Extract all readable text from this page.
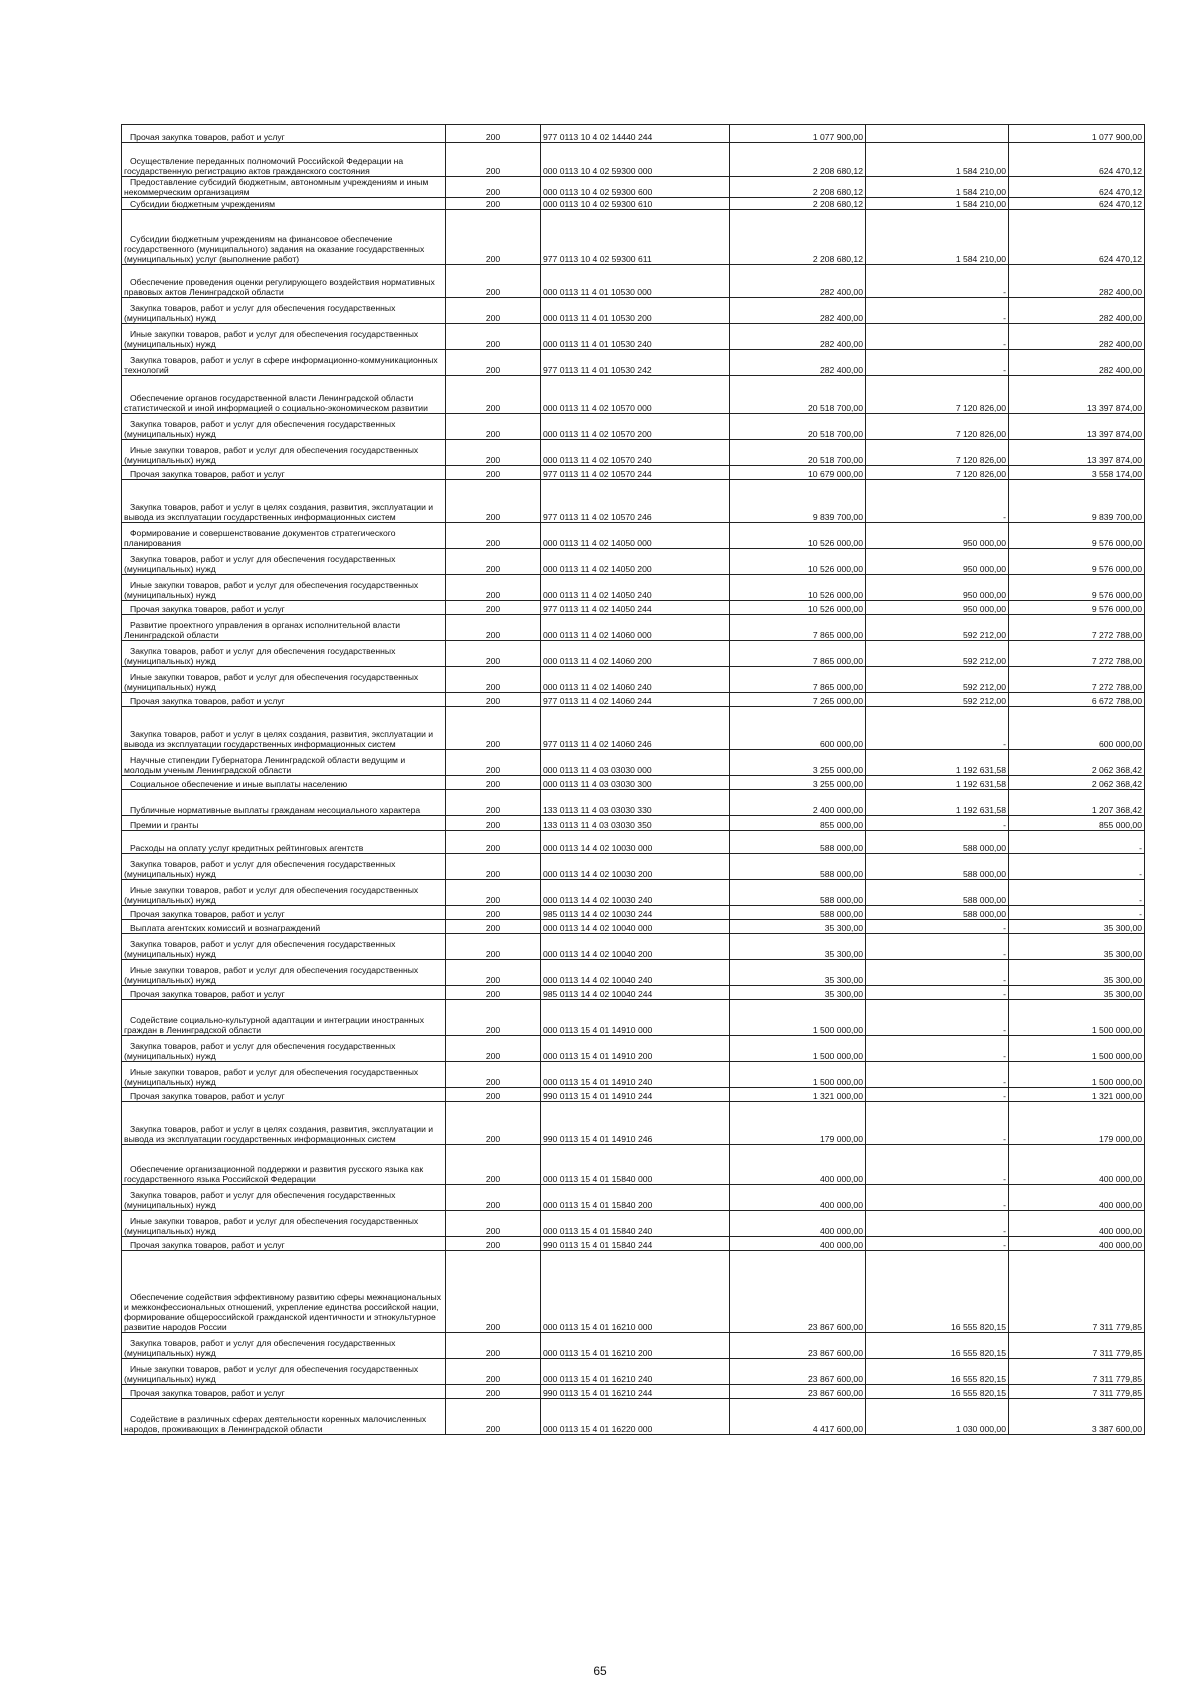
Прочая закупка товаров, работ и услуг	200	977 0113 10 4 02 14440 244	1 077 900,00		1 077 900,00
Осуществление переданных полномочий Российской Федерации на государственную регистрацию актов гражданского состояния	200	000 0113 10 4 02 59300 000	2 208 680,12	1 584 210,00	624 470,12
Предоставление субсидий бюджетным, автономным учреждениям и иным некоммерческим организациям	200	000 0113 10 4 02 59300 600	2 208 680,12	1 584 210,00	624 470,12
Субсидии бюджетным учреждениям	200	000 0113 10 4 02 59300 610	2 208 680,12	1 584 210,00	624 470,12
Субсидии бюджетным учреждениям на финансовое обеспечение государственного (муниципального) задания на оказание государственных (муниципальных) услуг (выполнение работ)	200	977 0113 10 4 02 59300 611	2 208 680,12	1 584 210,00	624 470,12
Обеспечение проведения оценки регулирующего воздействия нормативных правовых актов Ленинградской области	200	000 0113 11 4 01 10530 000	282 400,00	-	282 400,00
Закупка товаров, работ и услуг для обеспечения государственных (муниципальных) нужд	200	000 0113 11 4 01 10530 200	282 400,00	-	282 400,00
Иные закупки товаров, работ и услуг для обеспечения государственных (муниципальных) нужд	200	000 0113 11 4 01 10530 240	282 400,00	-	282 400,00
Закупка товаров, работ и услуг в сфере информационно-коммуникационных технологий	200	977 0113 11 4 01 10530 242	282 400,00	-	282 400,00
Обеспечение органов государственной власти Ленинградской области статистической и иной информацией о социально-экономическом развитии	200	000 0113 11 4 02 10570 000	20 518 700,00	7 120 826,00	13 397 874,00
Закупка товаров, работ и услуг для обеспечения государственных (муниципальных) нужд	200	000 0113 11 4 02 10570 200	20 518 700,00	7 120 826,00	13 397 874,00
Иные закупки товаров, работ и услуг для обеспечения государственных (муниципальных) нужд	200	000 0113 11 4 02 10570 240	20 518 700,00	7 120 826,00	13 397 874,00
Прочая закупка товаров, работ и услуг	200	977 0113 11 4 02 10570 244	10 679 000,00	7 120 826,00	3 558 174,00
Закупка товаров, работ и услуг в целях создания, развития, эксплуатации и вывода из эксплуатации государственных информационных систем	200	977 0113 11 4 02 10570 246	9 839 700,00	-	9 839 700,00
Формирование и совершенствование документов стратегического планирования	200	000 0113 11 4 02 14050 000	10 526 000,00	950 000,00	9 576 000,00
Закупка товаров, работ и услуг для обеспечения государственных (муниципальных) нужд	200	000 0113 11 4 02 14050 200	10 526 000,00	950 000,00	9 576 000,00
Иные закупки товаров, работ и услуг для обеспечения государственных (муниципальных) нужд	200	000 0113 11 4 02 14050 240	10 526 000,00	950 000,00	9 576 000,00
Прочая закупка товаров, работ и услуг	200	977 0113 11 4 02 14050 244	10 526 000,00	950 000,00	9 576 000,00
Развитие проектного управления в органах исполнительной власти Ленинградской области	200	000 0113 11 4 02 14060 000	7 865 000,00	592 212,00	7 272 788,00
Закупка товаров, работ и услуг для обеспечения государственных (муниципальных) нужд	200	000 0113 11 4 02 14060 200	7 865 000,00	592 212,00	7 272 788,00
Иные закупки товаров, работ и услуг для обеспечения государственных (муниципальных) нужд	200	000 0113 11 4 02 14060 240	7 865 000,00	592 212,00	7 272 788,00
Прочая закупка товаров, работ и услуг	200	977 0113 11 4 02 14060 244	7 265 000,00	592 212,00	6 672 788,00
Закупка товаров, работ и услуг в целях создания, развития, эксплуатации и вывода из эксплуатации государственных информационных систем	200	977 0113 11 4 02 14060 246	600 000,00	-	600 000,00
Научные стипендии Губернатора Ленинградской области ведущим и молодым ученым Ленинградской области	200	000 0113 11 4 03 03030 000	3 255 000,00	1 192 631,58	2 062 368,42
Социальное обеспечение и иные выплаты населению	200	000 0113 11 4 03 03030 300	3 255 000,00	1 192 631,58	2 062 368,42
Публичные нормативные выплаты гражданам несоциального характера	200	133 0113 11 4 03 03030 330	2 400 000,00	1 192 631,58	1 207 368,42
Премии и гранты	200	133 0113 11 4 03 03030 350	855 000,00	-	855 000,00
Расходы на оплату услуг кредитных рейтинговых агентств	200	000 0113 14 4 02 10030 000	588 000,00	588 000,00	-
Закупка товаров, работ и услуг для обеспечения государственных (муниципальных) нужд	200	000 0113 14 4 02 10030 200	588 000,00	588 000,00	-
Иные закупки товаров, работ и услуг для обеспечения государственных (муниципальных) нужд	200	000 0113 14 4 02 10030 240	588 000,00	588 000,00	-
Прочая закупка товаров, работ и услуг	200	985 0113 14 4 02 10030 244	588 000,00	588 000,00	-
Выплата агентских комиссий и вознаграждений	200	000 0113 14 4 02 10040 000	35 300,00	-	35 300,00
Закупка товаров, работ и услуг для обеспечения государственных (муниципальных) нужд	200	000 0113 14 4 02 10040 200	35 300,00	-	35 300,00
Иные закупки товаров, работ и услуг для обеспечения государственных (муниципальных) нужд	200	000 0113 14 4 02 10040 240	35 300,00	-	35 300,00
Прочая закупка товаров, работ и услуг	200	985 0113 14 4 02 10040 244	35 300,00	-	35 300,00
Содействие социально-культурной адаптации и интеграции иностранных граждан в Ленинградской области	200	000 0113 15 4 01 14910 000	1 500 000,00	-	1 500 000,00
Закупка товаров, работ и услуг для обеспечения государственных (муниципальных) нужд	200	000 0113 15 4 01 14910 200	1 500 000,00	-	1 500 000,00
Иные закупки товаров, работ и услуг для обеспечения государственных (муниципальных) нужд	200	000 0113 15 4 01 14910 240	1 500 000,00	-	1 500 000,00
Прочая закупка товаров, работ и услуг	200	990 0113 15 4 01 14910 244	1 321 000,00	-	1 321 000,00
Закупка товаров, работ и услуг в целях создания, развития, эксплуатации и вывода из эксплуатации государственных информационных систем	200	990 0113 15 4 01 14910 246	179 000,00	-	179 000,00
Обеспечение организационной поддержки и развития русского языка как государственного языка Российской Федерации	200	000 0113 15 4 01 15840 000	400 000,00	-	400 000,00
Закупка товаров, работ и услуг для обеспечения государственных (муниципальных) нужд	200	000 0113 15 4 01 15840 200	400 000,00	-	400 000,00
Иные закупки товаров, работ и услуг для обеспечения государственных (муниципальных) нужд	200	000 0113 15 4 01 15840 240	400 000,00	-	400 000,00
Прочая закупка товаров, работ и услуг	200	990 0113 15 4 01 15840 244	400 000,00	-	400 000,00
Обеспечение содействия эффективному развитию сферы межнациональных и межконфессиональных отношений, укрепление единства российской нации, формирование общероссийской гражданской идентичности и этнокультурное развитие народов России	200	000 0113 15 4 01 16210 000	23 867 600,00	16 555 820,15	7 311 779,85
Закупка товаров, работ и услуг для обеспечения государственных (муниципальных) нужд	200	000 0113 15 4 01 16210 200	23 867 600,00	16 555 820,15	7 311 779,85
Иные закупки товаров, работ и услуг для обеспечения государственных (муниципальных) нужд	200	000 0113 15 4 01 16210 240	23 867 600,00	16 555 820,15	7 311 779,85
Прочая закупка товаров, работ и услуг	200	990 0113 15 4 01 16210 244	23 867 600,00	16 555 820,15	7 311 779,85
Содействие в различных сферах деятельности коренных малочисленных народов, проживающих в Ленинградской области	200	000 0113 15 4 01 16220 000	4 417 600,00	1 030 000,00	3 387 600,00
65
